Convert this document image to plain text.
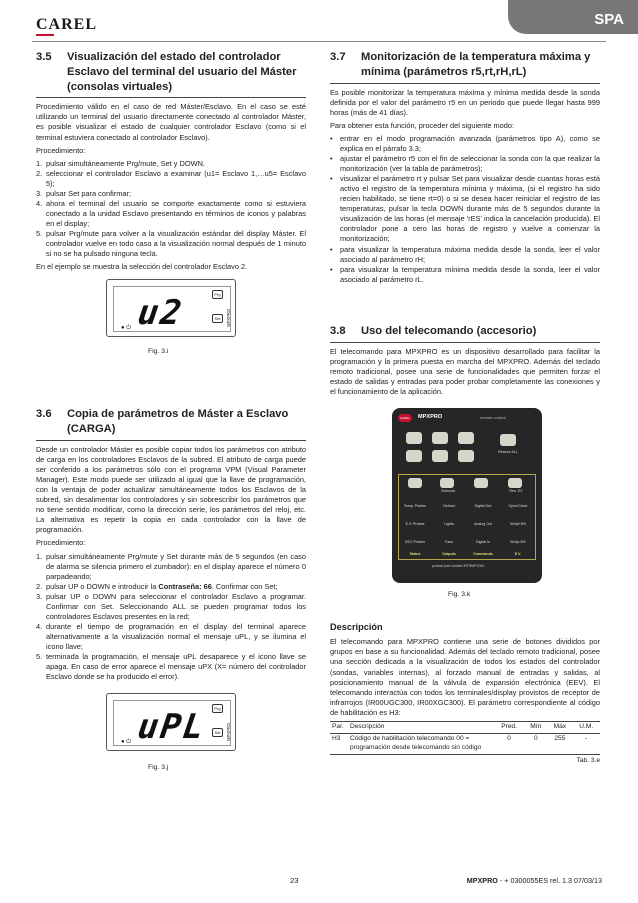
CAREL	SPA
3.5	Visualización del estado del controlador Esclavo del terminal del usuario del Máster (consolas virtuales)

Procedimiento válido en el caso de red Máster/Esclavo. En el caso se esté utilizando un terminal del usuario directamente conectado al controlador Máster, es posible visualizar el estado de cualquier controlador Esclavo (como si el terminal estuviera conectado al controlador Esclavo).

Procedimiento:

1. pulsar simultáneamente Prg/mute, Set y DOWN.
2. seleccionar el controlador Esclavo a examinar (u1= Esclavo 1,…u5= Esclavo 5);
3. pulsar Set para confirmar;
4. ahora el terminal del usuario se comporte exactamente como si estuviera conectado a la unidad Esclavo presentando en términos de iconos y palabras en el display;
5. pulsar Prg/mute para volver a la visualización estándar del display Máster. El controlador vuelve en todo caso a la visualización normal después de 1 minuto si no se ha pulsado ninguna tecla.

En el ejemplo se muestra la selección del controlador Esclavo 2.

u2	Prg
Set	MPXPRO
● ⏻
Fig. 3.i
3.6	Copia de parámetros de Máster a Esclavo (CARGA)

Desde un controlador Máster es posible copiar todos los parámetros con atributo de carga en los controladores Esclavos de la subred. El atributo de carga puede ser conferido a los parámetros sólo con el programa VPM (Visual Parameter Manager). Este modo puede ser utilizado al igual que la llave de programación, con la ventaja de poder actualizar simultáneamente todos los Esclavos de la subred, sin desalimentar los controladores y sin sobrescribir los parámetros que no tiene sentido modificar, como la dirección serie, los parámetros del reloj, etc. La alternativa es repetir la copia en cada controlador con la llave de programación.

Procedimiento:

1. pulsar simultáneamente Prg/mute y Set durante más de 5 segundos (en caso de alarma se silencia primero el zumbador): en el display aparece el número 0 parpadeando;
2. pulsar UP o DOWN e introducir la Contraseña: 66. Confirmar con Set;
3. pulsar UP o DOWN para seleccionar el controlador Esclavo a programar. Confirmar con Set. Seleccionando ALL se pueden programar todos los controladores Esclavos presentes en la red;
4. durante el tiempo de programación en el display del terminal aparece alternativamente a la visualización normal el mensaje uPL, y se ilumina el icono llave;
5. terminada la programación, el mensaje uPL desaparece y el icono llave se apaga. En caso de error aparece el mensaje uPX (X= número del controlador Esclavo donde se ha producido el error).
uPL	Prg
Set	MPXPRO
● ⏻
Fig. 3.j
3.7	Monitorización de la temperatura máxima y mínima (parámetros r5,rt,rH,rL)

Es posible monitorizar la temperatura máxima y mínima medida desde la sonda definida por el valor del parámetro r5 en un periodo que puede llegar hasta 999 horas (más de 41 días).

Para obtener esta función, proceder del siguiente modo:

•	entrar en el modo programación avanzada (parámetros tipo A), como se explica en el párrafo 3.3;
•	ajustar el parámetro r5 con el fin de seleccionar la sonda con la que realizar la monitorización (ver la tabla de parámetros);
•	visualizar el parámetro rt y pulsar Set para visualizar desde cuantas horas está activo el registro de la temperatura mínima y máxima, (si el registro ha sido recien habilitado, se tiene rt=0) o si se desea hacer reiniciar el registro de las temperaturas, pulsar la tecla DOWN durante más de 5 segundos durante la visualización de las horas (el mensaje 'rES' indica la cancelación producida). El controlador pone a cero las horas de registro y vuelve a comenzar la monitorización;
•	para visualizar la temperatura máxima medida desde la sonda, leer el valor asociado al parámetro rH;
•	para visualizar la temperatura mínima medida desde la sonda, leer el valor asociado al parámetro rL.
3.8	Uso del telecomando (accesorio)

El telecomando para MPXPRO es un dispositivo desarrollado para facilitar la programación y la primera puesta en marcha del MPXPRO. Además del teclado remoto tradicional, posee una serie de funcionalidades que permiten forzar el estado de salidas y entradas para poder probar completamente las conexiones y el funcionamiento de la aplicación.

CAREL	MPXPRO	remote control
Restore ALL
Solenoid	Res. EV
Temp. Probes	Defrost	Digital Out	Open/Close
E.V. Probes	Lights	Analog Out	Ith/dp+5%
EEC Probes	Fans	Digital In	Ith/dp-5%
Status	Outputs	Commands	E.V.
product part number IRTRMPX000
Fig. 3.k

Descripción

El telecomando para MPXPRO contiene una serie de botones divididos por grupos en base a su funcionalidad. Además del teclado remoto tradicional, posee una sección dedicada a la visualización de todos los estados del controlador (sondas, variables internas), al forzado manual de entradas y salidas, al posicionamiento manual de la válvula de expansión electrónica (EEV). El telecomando interactúa con todos los terminales/display provistos de receptor de infrarrojos (IR00UGC300, IR00XGC300). El parámetro correspondiente al código de habilitación es H3:

Par.	Descripción	Pred.	Mín	Máx	U.M.
H3	Código de habilitación telecomando 00 = programación desde telecomando sin código	0	0	255	-

Tab. 3.e

23	MPXPRO - + 0300055ES rel. 1.3 07/03/13
